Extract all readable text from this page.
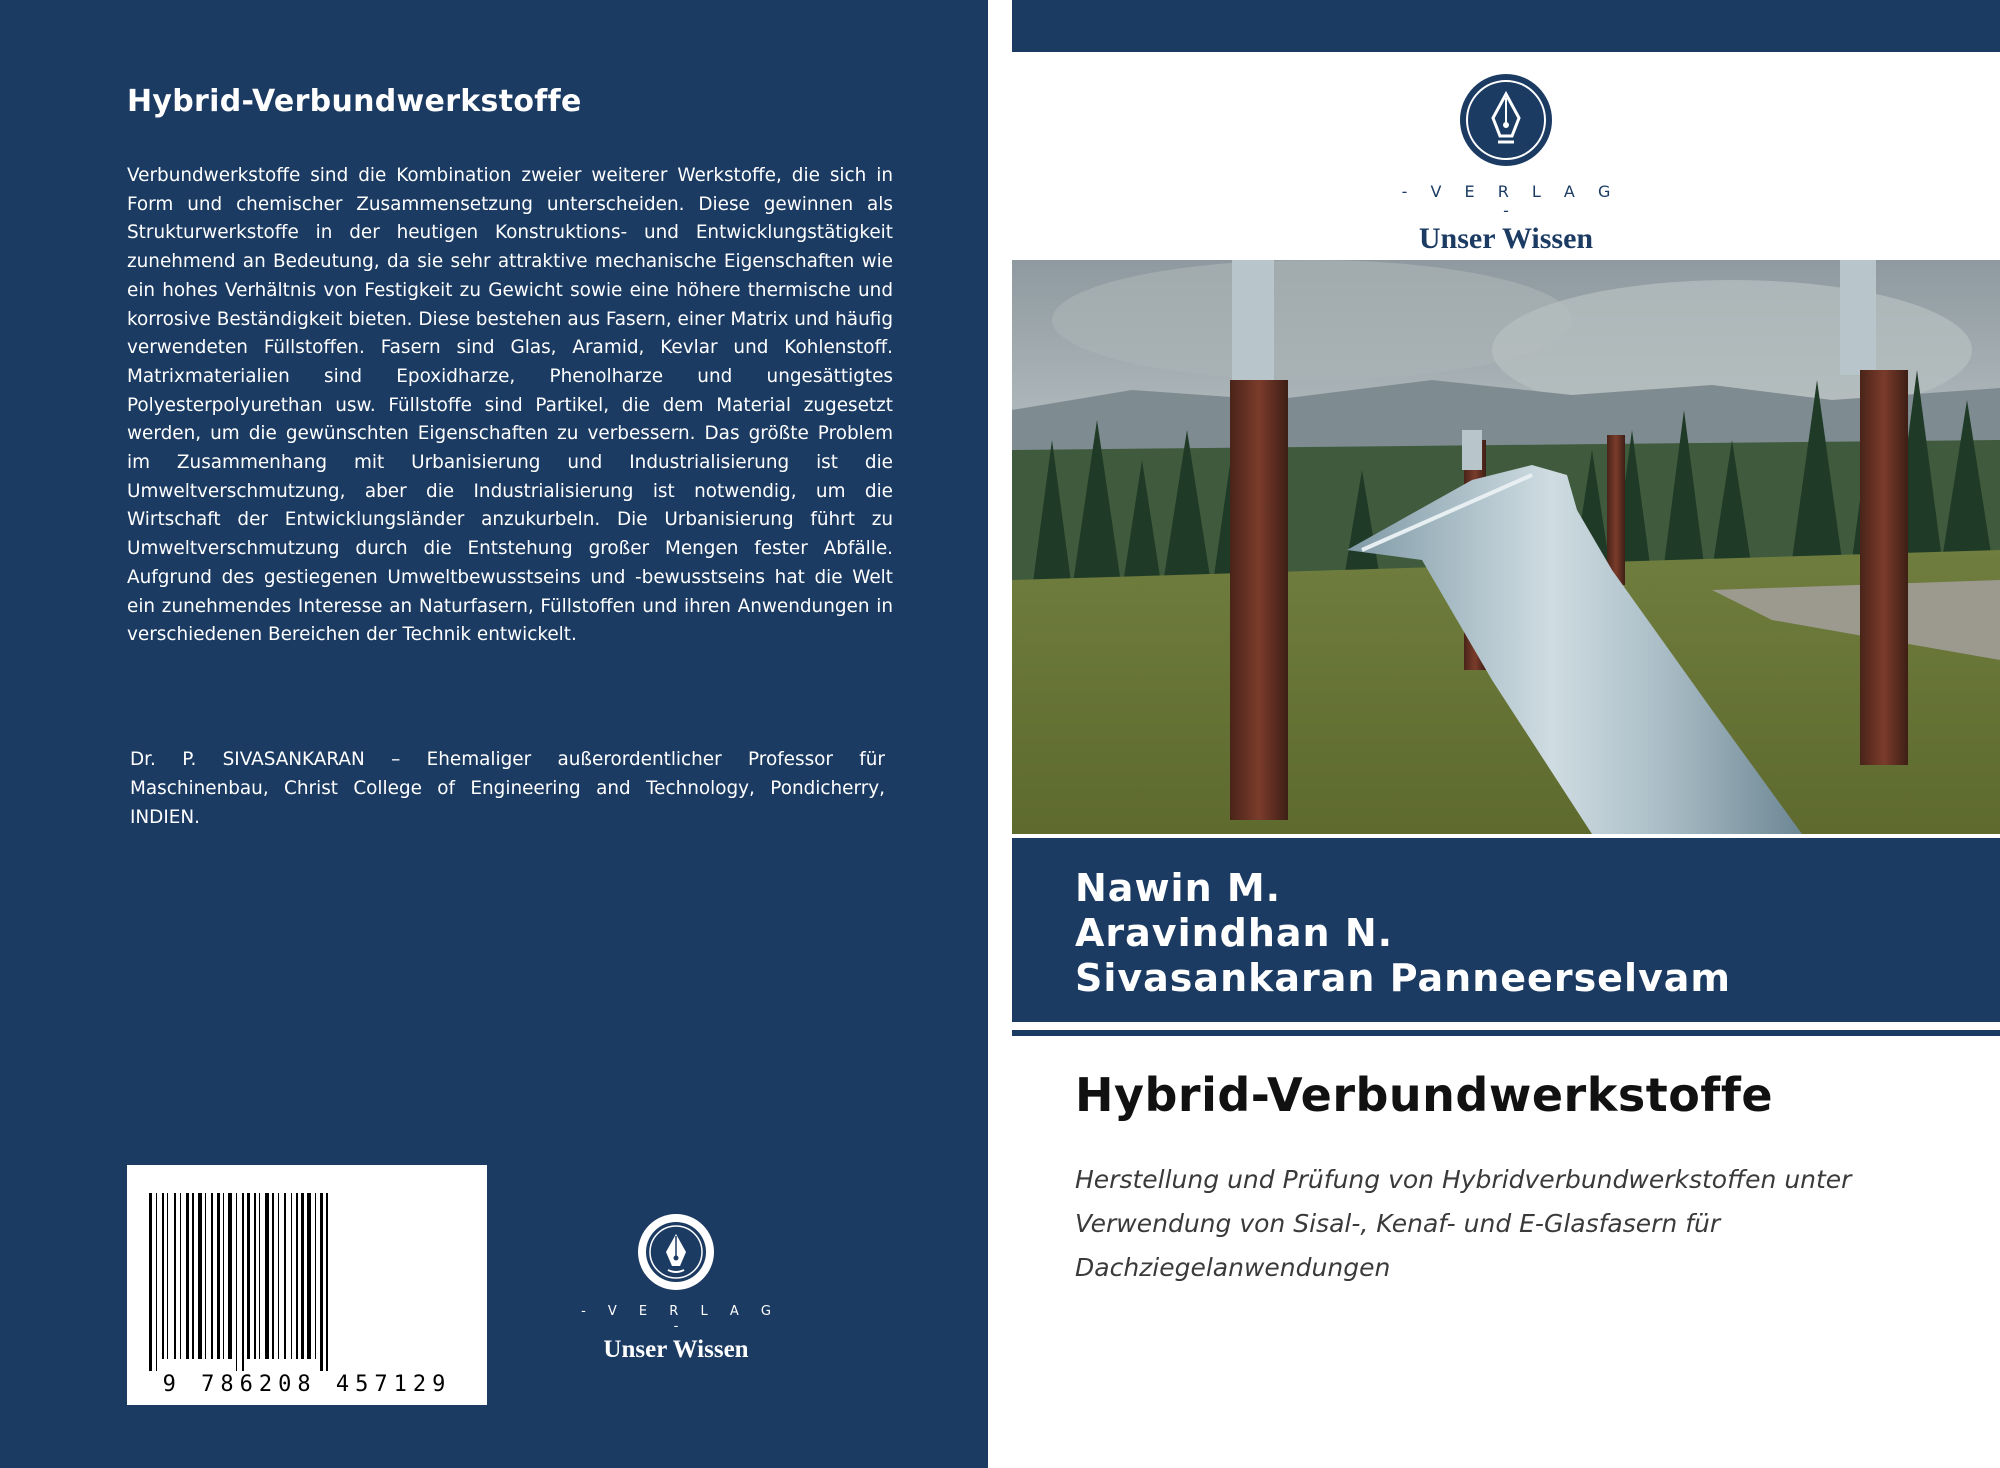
Hybrid-Verbundwerkstoffe

Verbundwerkstoffe sind die Kombination zweier weiterer Werkstoffe, die sich in Form und chemischer Zusammensetzung unterscheiden. Diese gewinnen als Strukturwerkstoffe in der heutigen Konstruktions- und Entwicklungstätigkeit zunehmend an Bedeutung, da sie sehr attraktive mechanische Eigenschaften wie ein hohes Verhältnis von Festigkeit zu Gewicht sowie eine höhere thermische und korrosive Beständigkeit bieten. Diese bestehen aus Fasern, einer Matrix und häufig verwendeten Füllstoffen. Fasern sind Glas, Aramid, Kevlar und Kohlenstoff. Matrixmaterialien sind Epoxidharze, Phenolharze und ungesättigtes Polyesterpolyurethan usw. Füllstoffe sind Partikel, die dem Material zugesetzt werden, um die gewünschten Eigenschaften zu verbessern. Das größte Problem im Zusammenhang mit Urbanisierung und Industrialisierung ist die Umweltverschmutzung, aber die Industrialisierung ist notwendig, um die Wirtschaft der Entwicklungsländer anzukurbeln. Die Urbanisierung führt zu Umweltverschmutzung durch die Entstehung großer Mengen fester Abfälle. Aufgrund des gestiegenen Umweltbewusstseins und -bewusstseins hat die Welt ein zunehmendes Interesse an Naturfasern, Füllstoffen und ihren Anwendungen in verschiedenen Bereichen der Technik entwickelt.

Dr. P. SIVASANKARAN – Ehemaliger außerordentlicher Professor für Maschinenbau, Christ College of Engineering and Technology, Pondicherry, INDIEN.

9 786208 457129
- V E R L A G -
Unser Wissen
- V E R L A G -
Unser Wissen
Nawin M.
Aravindhan N.
Sivasankaran Panneerselvam
Hybrid-Verbundwerkstoffe

Herstellung und Prüfung von Hybridverbundwerkstoffen unter Verwendung von Sisal-, Kenaf- und E-Glasfasern für Dachziegelanwendungen
